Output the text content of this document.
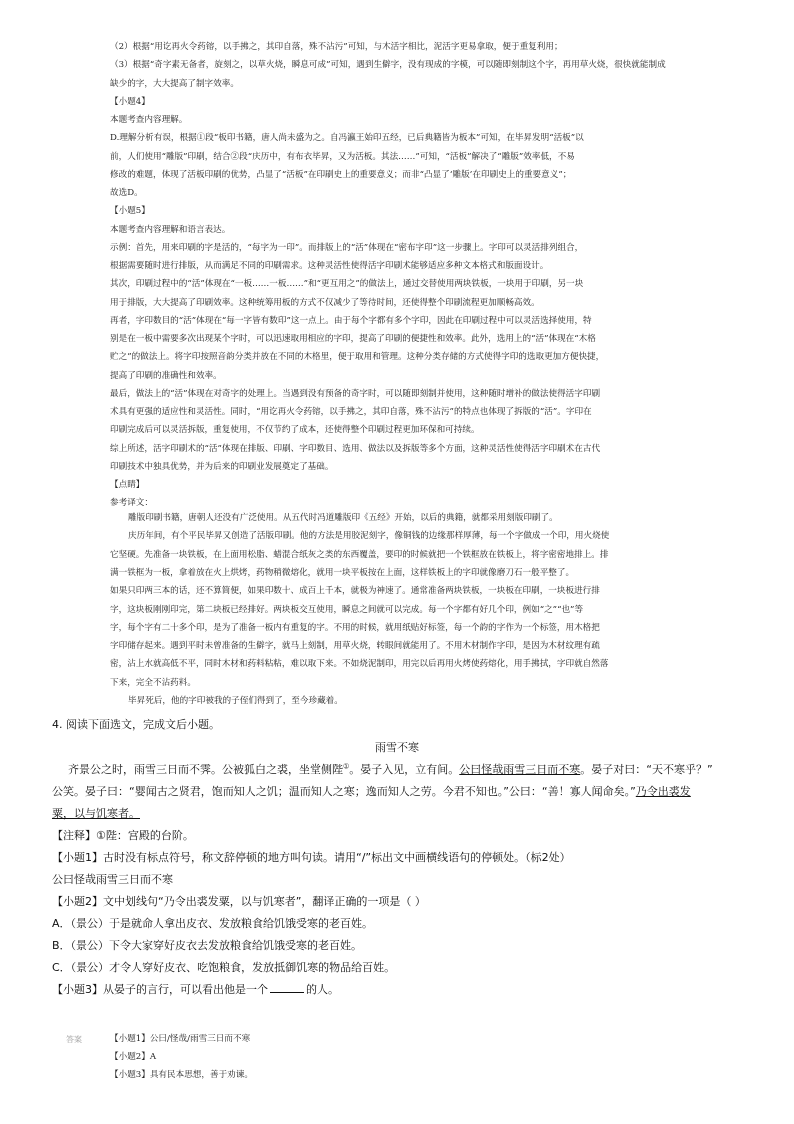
（2）根据“用讫再火令药镕，以手拂之，其印自落，殊不沾污”可知，与木活字相比，泥活字更易拿取，便于重复利用；
（3）根据“奇字素无备者，旋刻之，以草火烧，瞬息可成”可知，遇到生僻字，没有现成的字模，可以随即刻制这个字，再用草火烧，很快就能制成
缺少的字，大大提高了制字效率。
【小题4】
本题考查内容理解。
D.理解分析有误，根据①段“板印书籍，唐人尚未盛为之。自冯瀛王始印五经，已后典籍皆为板本”可知，在毕昇发明“活板”以
前，人们使用“雕版”印刷，结合②段“庆历中，有布衣毕昇，又为活板。其法……”可知，“活板”解决了“雕版”效率低，不易
修改的难题，体现了活板印刷的优势，凸显了“活板”在印刷史上的重要意义；而非“凸显了‘雕版’在印刷史上的重要意义”；
故选D。
【小题5】
本题考查内容理解和语言表达。
示例：首先，用来印刷的字是活的，“每字为一印”。而排版上的“活”体现在“密布字印”这一步骤上。字印可以灵活排列组合，
根据需要随时进行排版，从而满足不同的印刷需求。这种灵活性使得活字印刷术能够适应多种文本格式和版面设计。
其次，印刷过程中的“活”体现在“一板……一板……”和“更互用之”的做法上，通过交替使用两块铁板，一块用于印刷，另一块
用于排版，大大提高了印刷效率。这种统筹用板的方式不仅减少了等待时间，还使得整个印刷流程更加顺畅高效。
再者，字印数目的“活”体现在“每一字皆有数印”这一点上。由于每个字都有多个字印，因此在印刷过程中可以灵活选择使用，特
别是在一板中需要多次出现某个字时，可以迅速取用相应的字印，提高了印刷的便捷性和效率。此外，选用上的“活”体现在“木格
贮之”的做法上。将字印按照音韵分类并放在不同的木格里，便于取用和管理。这种分类存储的方式使得字印的选取更加方便快捷，
提高了印刷的准确性和效率。
最后，做法上的“活”体现在对奇字的处理上。当遇到没有预备的奇字时，可以随即刻制并使用，这种随时增补的做法使得活字印刷
术具有更强的适应性和灵活性。同时，“用讫再火令药镕，以手拂之，其印自落，殊不沾污”的特点也体现了拆版的“活”。字印在
印刷完成后可以灵活拆版，重复使用，不仅节约了成本，还使得整个印刷过程更加环保和可持续。
综上所述，活字印刷术的“活”体现在排版、印刷、字印数目、选用、做法以及拆版等多个方面，这种灵活性使得活字印刷术在古代
印刷技术中独具优势，并为后来的印刷业发展奠定了基础。
【点睛】
参考译文：
雕版印刷书籍，唐朝人还没有广泛使用。从五代时冯道雕版印《五经》开始，以后的典籍，就都采用刻版印刷了。
庆历年间，有个平民毕昇又创造了活版印刷。他的方法是用胶泥刻字，像铜钱的边缘那样厚薄，每一个字做成一个印，用火烧使
它坚硬。先准备一块铁板，在上面用松脂、蜡混合纸灰之类的东西覆盖，要印的时候就把一个铁框放在铁板上，将字密密地排上。排
满一铁框为一板，拿着放在火上烘烤，药物稍微熔化，就用一块平板按在上面，这样铁板上的字印就像磨刀石一般平整了。
如果只印两三本的话，还不算简便，如果印数十、成百上千本，就极为神速了。通常准备两块铁板，一块板在印刷，一块板进行排
字，这块板刚刚印完，第二块板已经排好。两块板交互使用，瞬息之间就可以完成。每一个字都有好几个印，例如“之”“也”等
字，每个字有二十多个印，是为了准备一板内有重复的字。不用的时候，就用纸贴好标签，每一个韵的字作为一个标签，用木格把
字印储存起来。遇到平时未曾准备的生僻字，就马上刻制，用草火烧，转眼间就能用了。不用木材制作字印，是因为木材纹理有疏
密，沾上水就高低不平，同时木材和药料粘粘，难以取下来。不如烧泥制印，用完以后再用火烤使药熔化，用手拂拭，字印就自然落
下来，完全不沾药料。
毕昇死后，他的字印被我的子侄们得到了，至今珍藏着。
4. 阅读下面选文，完成文后小题。
雨雪不寒
齐景公之时，雨雪三日而不霁。公被狐白之裘，坐堂侧陛①。晏子入见，立有间。公曰怪哉雨雪三日而不寒。晏子对曰：“天不寒乎？”
公笑。晏子曰：“婴闻古之贤君，饱而知人之饥；温而知人之寒；逸而知人之劳。今君不知也。”公曰：“善！寡人闻命矣。”乃令出裘发
粟，以与饥寒者。
【注释】①陛：宫殿的台阶。
【小题1】古时没有标点符号，称文辞停顿的地方叫句读。请用“/”标出文中画横线语句的停顿处。（标2处）
公曰怪哉雨雪三日而不寒
【小题2】文中划线句“乃令出裘发粟，以与饥寒者”，翻译正确的一项是（ ）
A．（景公）于是就命人拿出皮衣、发放粮食给饥饿受寒的老百姓。
B．（景公）下令大家穿好皮衣去发放粮食给饥饿受寒的老百姓。
C．（景公）才令人穿好皮衣、吃饱粮食，发放抵御饥寒的物品给百姓。
【小题3】从晏子的言行，可以看出他是一个	的人。
答案	【小题1】公曰/怪哉/雨雪三日而不寒
【小题2】A
【小题3】具有民本思想，善于劝谏。
